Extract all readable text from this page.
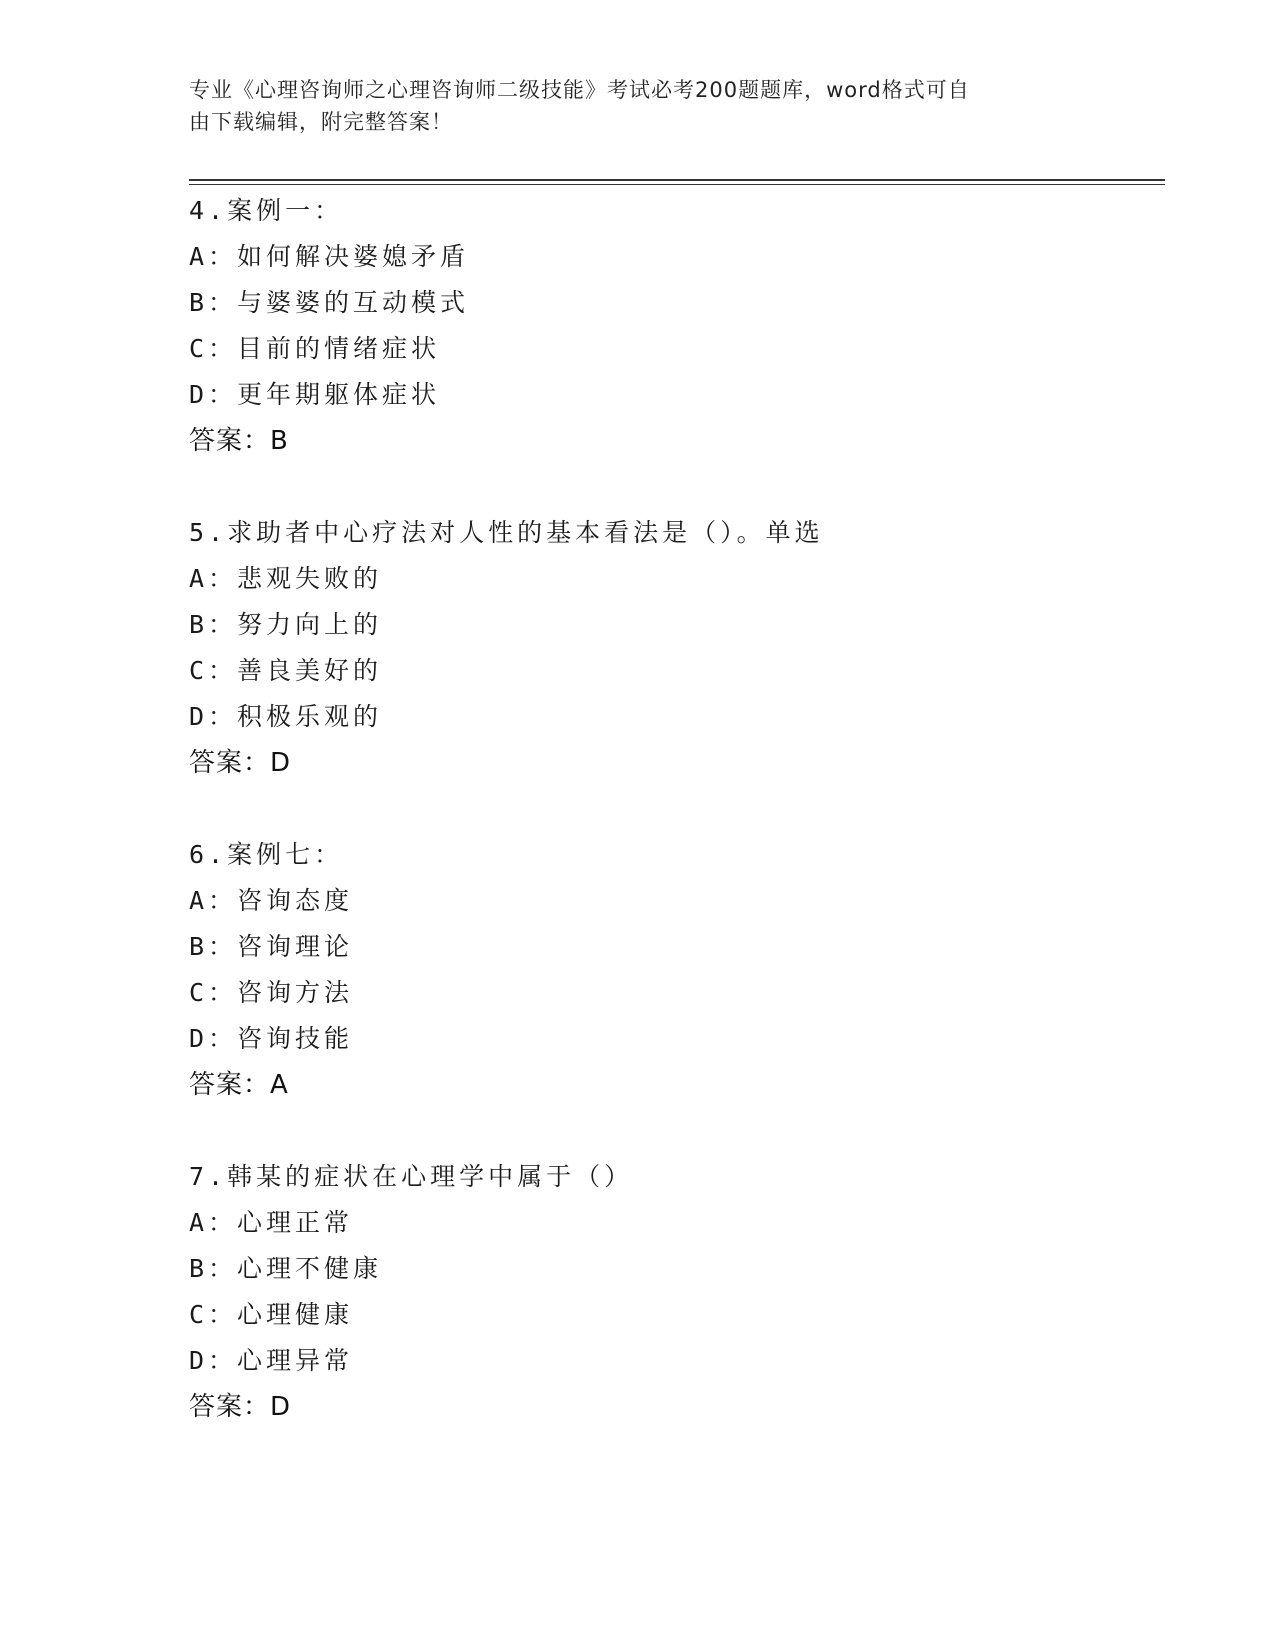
专业《心理咨询师之心理咨询师二级技能》考试必考200题题库，word格式可自
由下载编辑，附完整答案！
4.案例一：
A：如何解决婆媳矛盾
B：与婆婆的互动模式
C：目前的情绪症状
D：更年期躯体症状
答案：B
5.求助者中心疗法对人性的基本看法是（）。单选
A：悲观失败的
B：努力向上的
C：善良美好的
D：积极乐观的
答案：D
6.案例七：
A：咨询态度
B：咨询理论
C：咨询方法
D：咨询技能
答案：A
7.韩某的症状在心理学中属于（）
A：心理正常
B：心理不健康
C：心理健康
D：心理异常
答案：D
